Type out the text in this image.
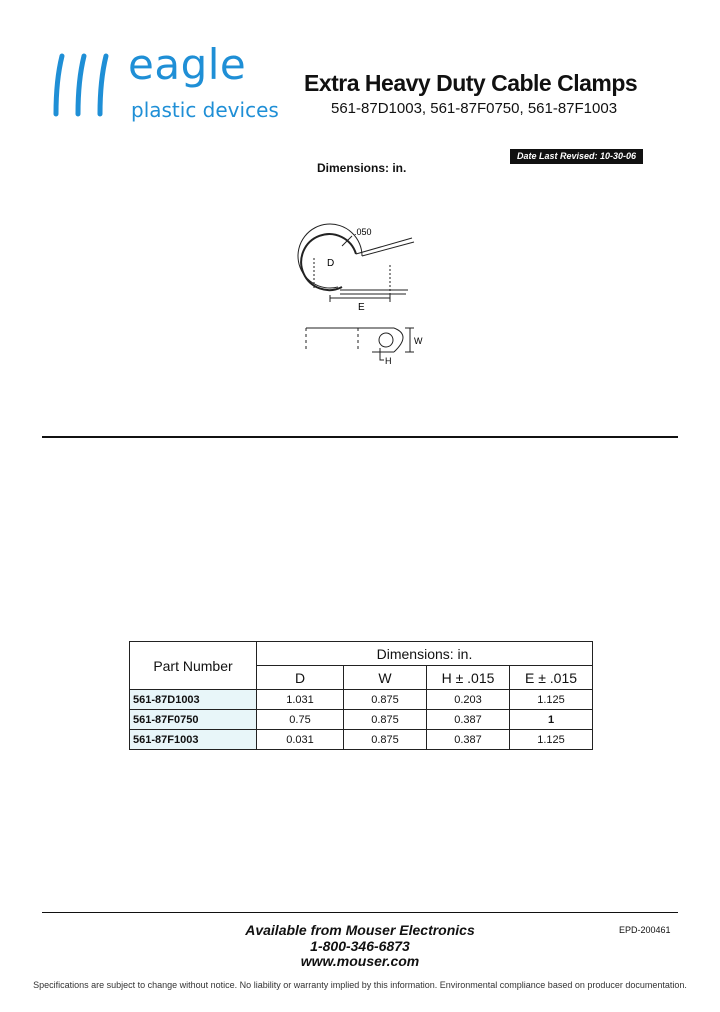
eagle
plastic devices
Extra Heavy Duty Cable Clamps
561-87D1003, 561-87F0750, 561-87F1003
Date Last Revised: 10-30-06
Dimensions: in.
.050
D
E
W
H
Part Number	Dimensions: in.			
	D	W	H ± .015	E ± .015
561-87D1003	1.031	0.875	0.203	1.125
561-87F0750	0.75	0.875	0.387	1
561-87F1003	0.031	0.875	0.387	1.125
Available from Mouser Electronics
1-800-346-6873
www.mouser.com
EPD-200461
Specifications are subject to change without notice. No liability or warranty implied by this information. Environmental compliance based on producer documentation.
